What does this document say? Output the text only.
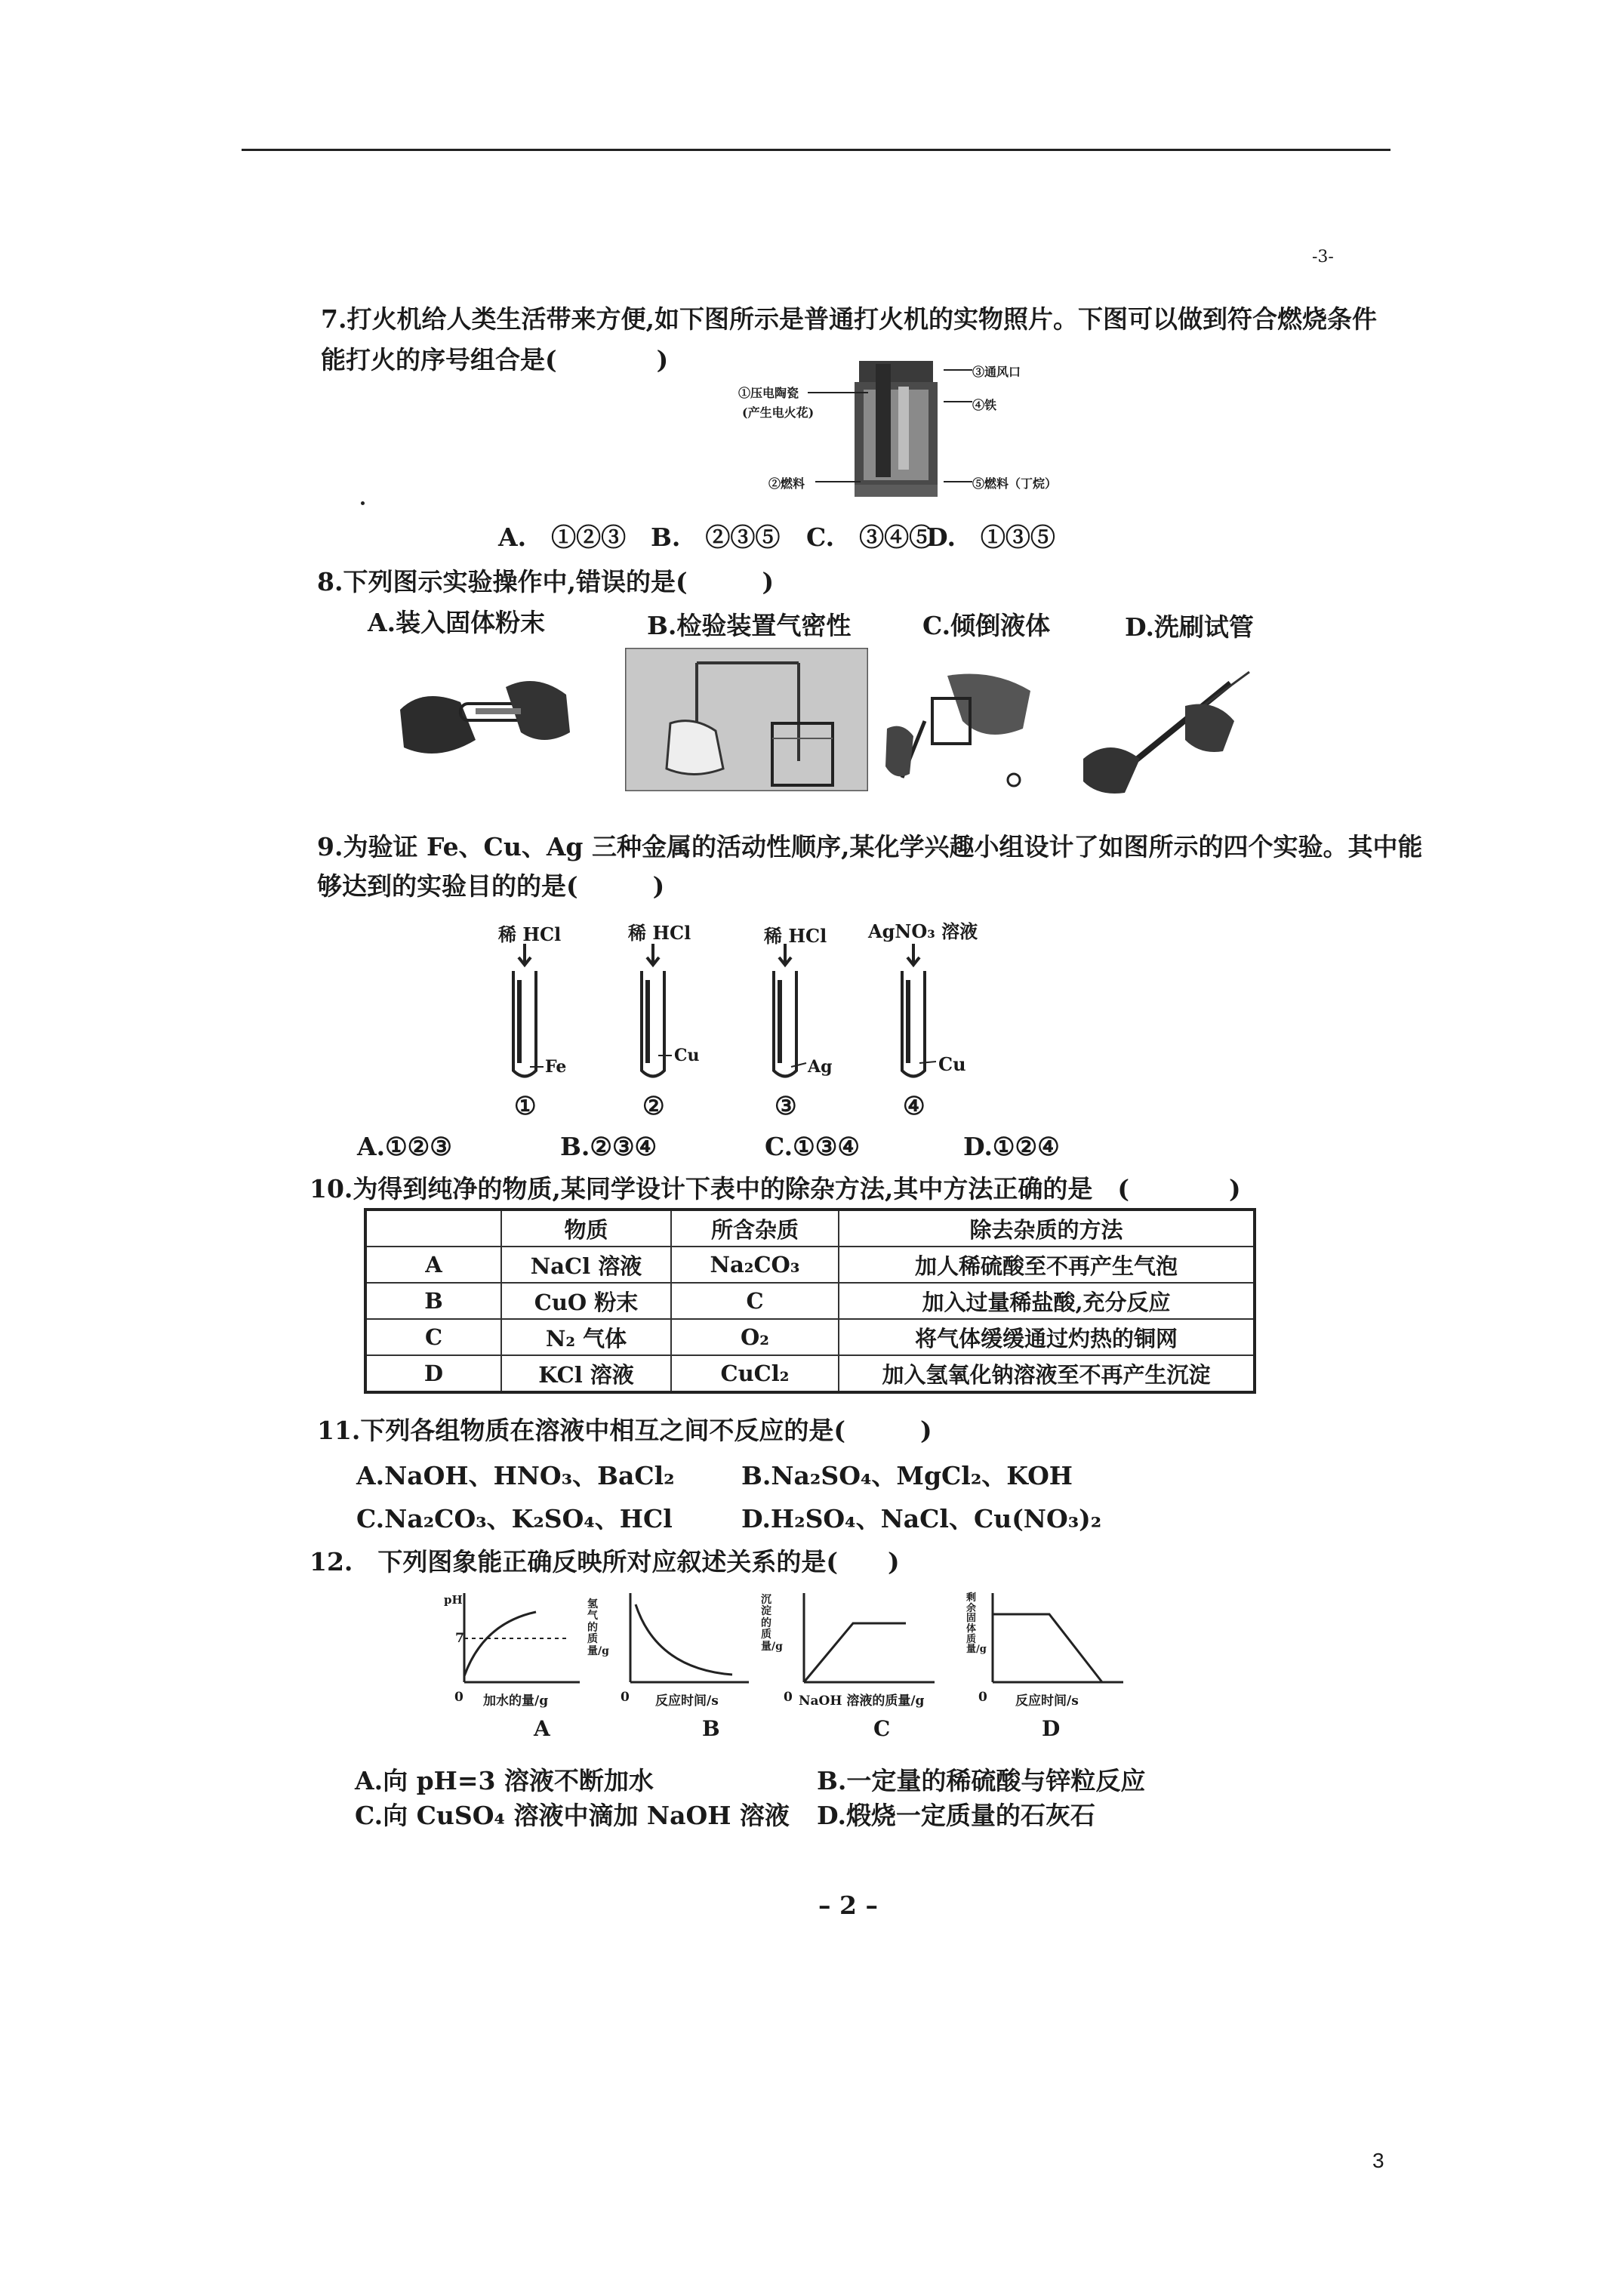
-3-
7.打火机给人类生活带来方便,如下图所示是普通打火机的实物照片。下图可以做到符合燃烧条件
能打火的序号组合是(　　　　)
①压电陶瓷
(产生电火花)
②燃料
③通风口
④铁
⑤燃料（丁烷）
A.　①②③ B.　②③⑤ C.　③④⑤
D.　①③⑤
8.下列图示实验操作中,错误的是(　　　)
A.装入固体粉末	B.检验装置气密性	C.倾倒液体	D.洗刷试管
9.为验证 Fe、Cu、Ag 三种金属的活动性顺序,某化学兴趣小组设计了如图所示的四个实验。其中能
够达到的实验目的的是(　　　)
稀 HCl	稀 HCl	稀 HCl AgNO₃ 溶液
Fe
Cu
Ag	Cu
①	②	③	④
A.①②③	B.②③④	C.①③④	D.①②④
10.为得到纯净的物质,某同学设计下表中的除杂方法,其中方法正确的是　(　　　　)
	物质	所含杂质	除去杂质的方法
A	NaCl 溶液	Na₂CO₃	加人稀硫酸至不再产生气泡
B	CuO 粉末	C	加入过量稀盐酸,充分反应
C	N₂ 气体	O₂	将气体缓缓通过灼热的铜网
D	KCl 溶液	CuCl₂	加入氢氧化钠溶液至不再产生沉淀
11.下列各组物质在溶液中相互之间不反应的是(　　　)
A.NaOH、HNO₃、BaCl₂	B.Na₂SO₄、MgCl₂、KOH
C.Na₂CO₃、K₂SO₄、HCl	D.H₂SO₄、NaCl、Cu(NO₃)₂
12.　下列图象能正确反映所对应叙述关系的是(　　)
pH
7
0 加水的量/g
A
氢气的质量/g
0 反应时间/s
B
沉淀的质量/g
0 NaOH 溶液的质量/g
C
剩余固体质量/g
0 反应时间/s
D
A.向 pH=3 溶液不断加水	B.一定量的稀硫酸与锌粒反应
C.向 CuSO₄ 溶液中滴加 NaOH 溶液 D.煅烧一定质量的石灰石
– 2 –
3
